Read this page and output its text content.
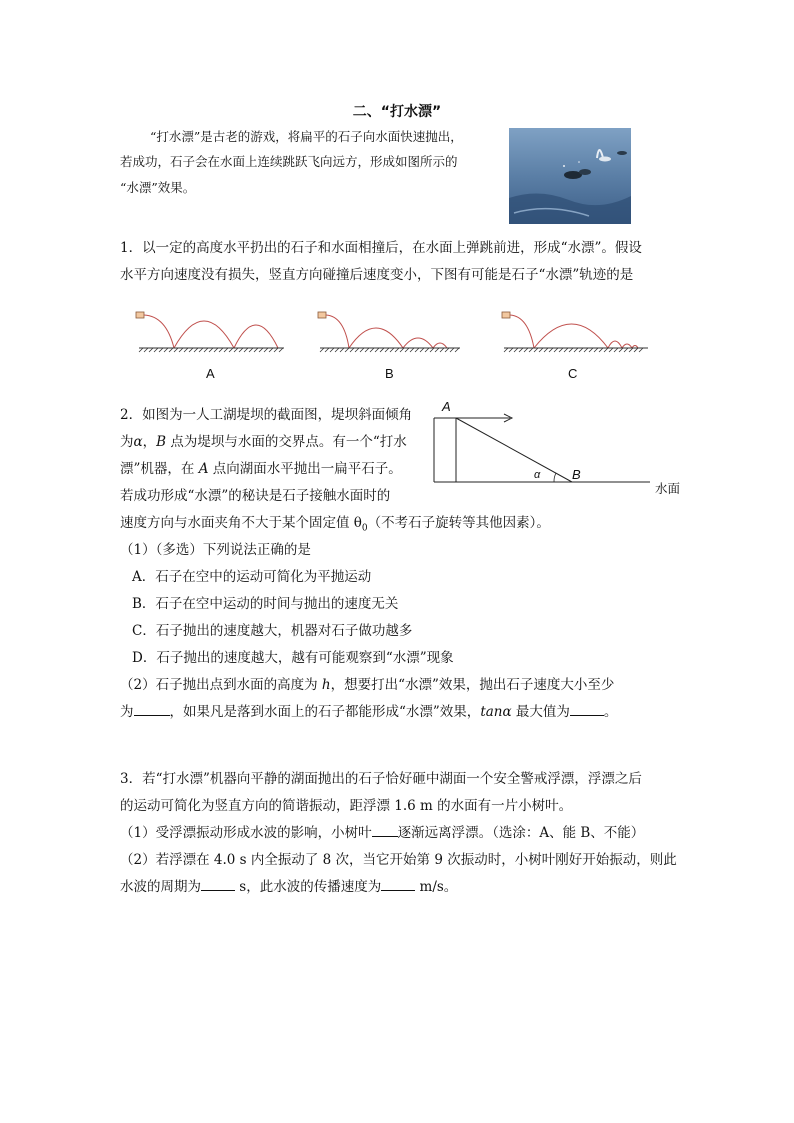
二、“打水漂”
“打水漂”是古老的游戏，将扁平的石子向水面快速抛出，
若成功，石子会在水面上连续跳跃飞向远方，形成如图所示的
“水漂”效果。
1．以一定的高度水平扔出的石子和水面相撞后，在水面上弹跳前进，形成“水漂”。假设
水平方向速度没有损失，竖直方向碰撞后速度变小，下图有可能是石子“水漂”轨迹的是
A	B	C
2．如图为一人工湖堤坝的截面图，堤坝斜面倾角
为α，B 点为堤坝与水面的交界点。有一个“打水
漂”机器，在 A 点向湖面水平抛出一扁平石子。
若成功形成“水漂”的秘诀是石子接触水面时的
速度方向与水面夹角不大于某个固定值 $\theta_0$（不考石子旋转等其他因素）。
A
B
α
水面
（1）（多选）下列说法正确的是
A．石子在空中的运动可简化为平抛运动
B．石子在空中运动的时间与抛出的速度无关
C．石子抛出的速度越大，机器对石子做功越多
D．石子抛出的速度越大，越有可能观察到“水漂”现象
（2）石子抛出点到水面的高度为 h，想要打出“水漂”效果，抛出石子速度大小至少
为	，如果凡是落到水面上的石子都能形成“水漂”效果，tanα 最大值为	。
3．若“打水漂”机器向平静的湖面抛出的石子恰好砸中湖面一个安全警戒浮漂，浮漂之后
的运动可简化为竖直方向的简谐振动，距浮漂 1.6 m 的水面有一片小树叶。
（1）受浮漂振动形成水波的影响，小树叶 逐渐远离浮漂。（选涂：A、能 B、不能）
（2）若浮漂在 4.0 s 内全振动了 8 次，当它开始第 9 次振动时，小树叶刚好开始振动，则此
水波的周期为	s，此水波的传播速度为	m/s。
